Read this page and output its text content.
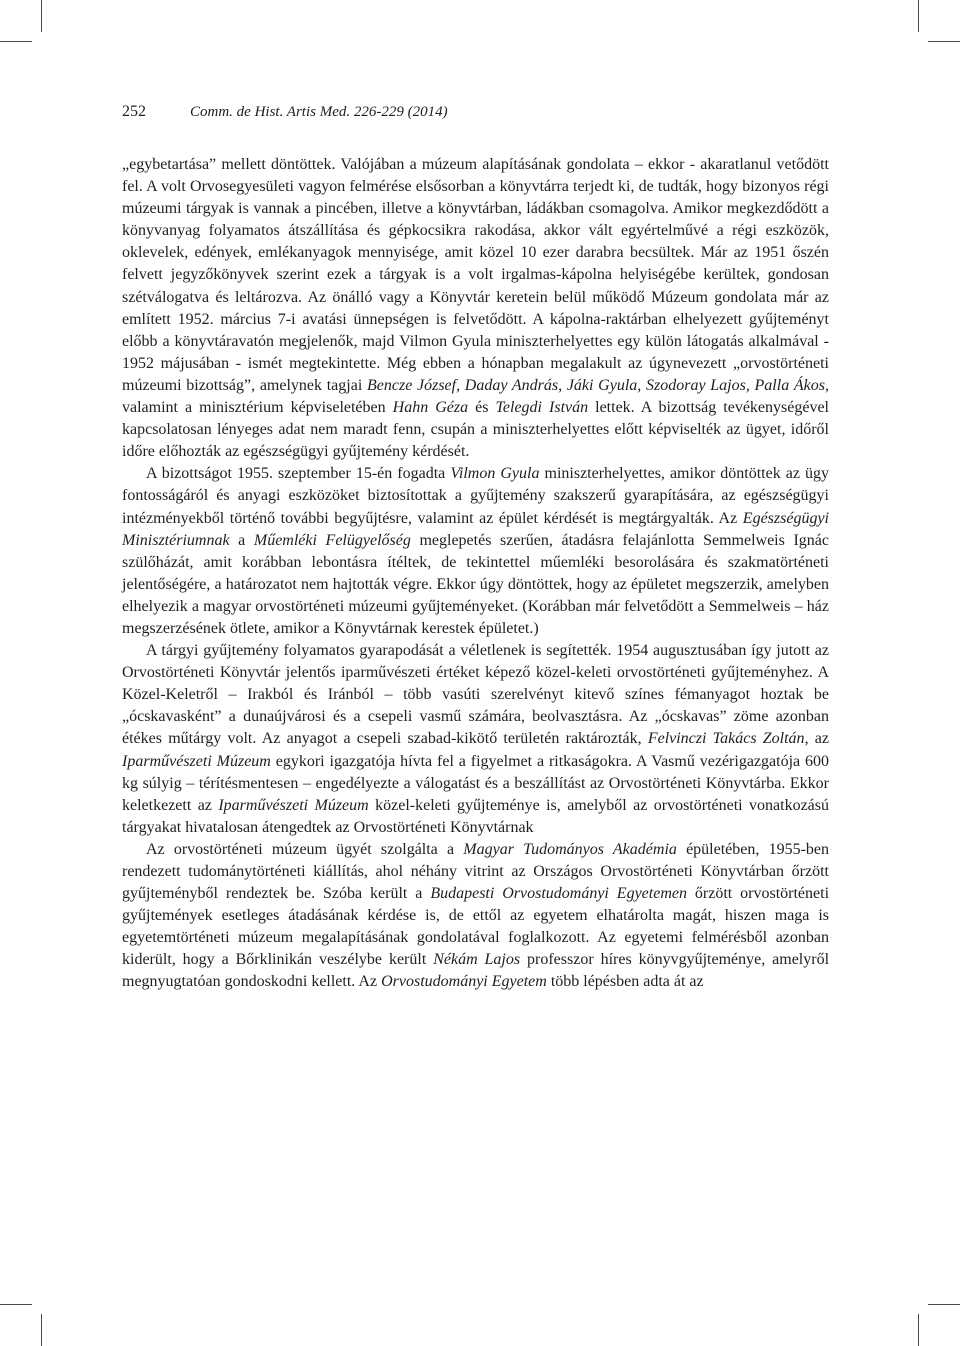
252	Comm. de Hist. Artis Med. 226-229 (2014)

„egybetartása” mellett döntöttek. Valójában a múzeum alapításának gondolata – ekkor - akaratlanul vetődött fel. A volt Orvosegyesületi vagyon felmérése elsősorban a könyvtárra terjedt ki, de tudták, hogy bizonyos régi múzeumi tárgyak is vannak a pincében, illetve a könyvtárban, ládákban csomagolva. Amikor megkezdődött a könyvanyag folyamatos átszállítása és gépkocsikra rakodása, akkor vált egyértelművé a régi eszközök, oklevelek, edények, emlékanyagok mennyisége, amit közel 10 ezer darabra becsültek. Már az 1951 őszén felvett jegyzőkönyvek szerint ezek a tárgyak is a volt irgalmas-kápolna helyiségébe kerültek, gondosan szétválogatva és leltározva. Az önálló vagy a Könyvtár keretein belül működő Múzeum gondolata már az említett 1952. március 7-i avatási ünnepségen is felvetődött. A kápolna-raktárban elhelyezett gyűjteményt előbb a könyvtáravatón megjelenők, majd Vilmon Gyula miniszterhelyettes egy külön látogatás alkalmával - 1952 májusában - ismét megtekintette. Még ebben a hónapban megalakult az úgynevezett „orvostörténeti múzeumi bizottság”, amelynek tagjai Bencze József, Daday András, Jáki Gyula, Szodoray Lajos, Palla Ákos, valamint a minisztérium képviseletében Hahn Géza és Telegdi István lettek. A bizottság tevékenységével kapcsolatosan lényeges adat nem maradt fenn, csupán a miniszterhelyettes előtt képviselték az ügyet, időről időre előhozták az egészségügyi gyűjtemény kérdését.

A bizottságot 1955. szeptember 15-én fogadta Vilmon Gyula miniszterhelyettes, amikor döntöttek az ügy fontosságáról és anyagi eszközöket biztosítottak a gyűjtemény szakszerű gyarapítására, az egészségügyi intézményekből történő további begyűjtésre, valamint az épület kérdését is megtárgyalták. Az Egészségügyi Minisztériumnak a Műemléki Felügyelőség meglepetés szerűen, átadásra felajánlotta Semmelweis Ignác szülőházát, amit korábban lebontásra ítéltek, de tekintettel műemléki besorolására és szakmatörténeti jelentőségére, a határozatot nem hajtották végre. Ekkor úgy döntöttek, hogy az épületet megszerzik, amelyben elhelyezik a magyar orvostörténeti múzeumi gyűjteményeket. (Korábban már felvetődött a Semmelweis – ház megszerzésének ötlete, amikor a Könyvtárnak kerestek épületet.)

A tárgyi gyűjtemény folyamatos gyarapodását a véletlenek is segítették. 1954 augusztusában így jutott az Orvostörténeti Könyvtár jelentős iparművészeti értéket képező közel-keleti orvostörténeti gyűjteményhez. A Közel-Keletről – Irakból és Iránból – több vasúti szerelvényt kitevő színes fémanyagot hoztak be „ócskavasként” a dunaújvárosi és a csepeli vasmű számára, beolvasztásra. Az „ócskavas” zöme azonban étékes műtárgy volt. Az anyagot a csepeli szabad-kikötő területén raktározták, Felvinczi Takács Zoltán, az Iparművészeti Múzeum egykori igazgatója hívta fel a figyelmet a ritkaságokra. A Vasmű vezérigazgatója 600 kg súlyig – térítésmentesen – engedélyezte a válogatást és a beszállítást az Orvostörténeti Könyvtárba. Ekkor keletkezett az Iparművészeti Múzeum közel-keleti gyűjteménye is, amelyből az orvostörténeti vonatkozású tárgyakat hivatalosan átengedtek az Orvostörténeti Könyvtárnak

Az orvostörténeti múzeum ügyét szolgálta a Magyar Tudományos Akadémia épületében, 1955-ben rendezett tudománytörténeti kiállítás, ahol néhány vitrint az Országos Orvostörténeti Könyvtárban őrzött gyűjteményből rendeztek be. Szóba került a Budapesti Orvostudományi Egyetemen őrzött orvostörténeti gyűjtemények esetleges átadásának kérdése is, de ettől az egyetem elhatárolta magát, hiszen maga is egyetemtörténeti múzeum megalapításának gondolatával foglalkozott. Az egyetemi felmérésből azonban kiderült, hogy a Bőrklinikán veszélybe került Nékám Lajos professzor híres könyvgyűjteménye, amelyről megnyugtatóan gondoskodni kellett. Az Orvostudományi Egyetem több lépésben adta át az
